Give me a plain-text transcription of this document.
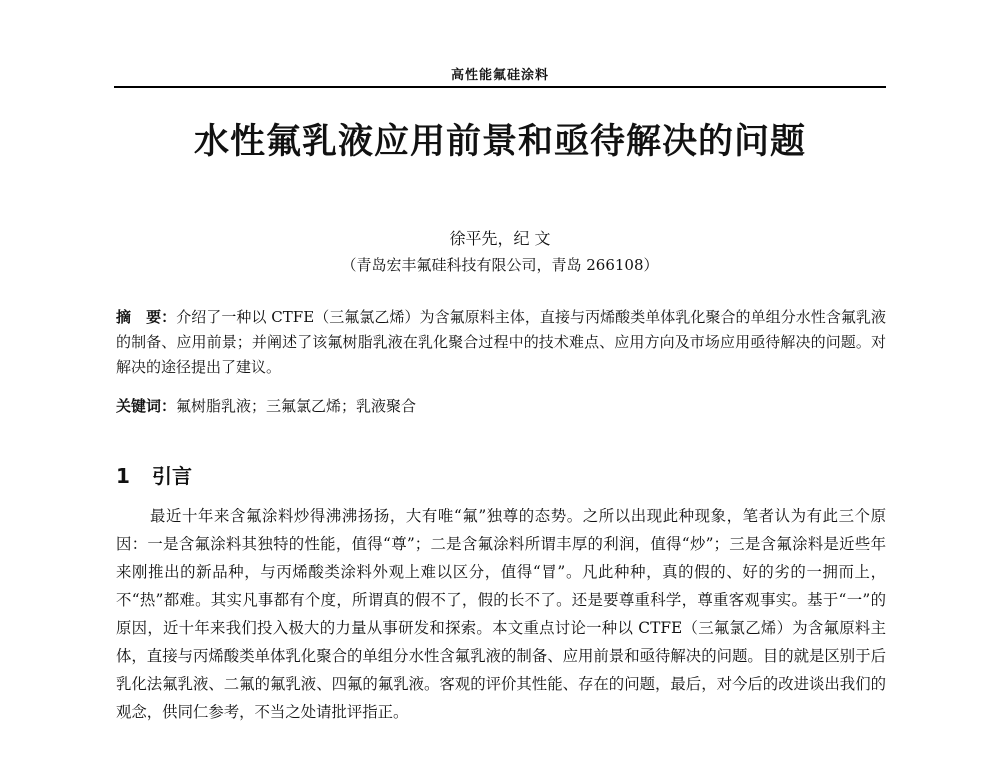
高性能氟硅涂料
水性氟乳液应用前景和亟待解决的问题
徐平先，纪 文
（青岛宏丰氟硅科技有限公司，青岛 266108）
摘　要：介绍了一种以 CTFE（三氟氯乙烯）为含氟原料主体，直接与丙烯酸类单体乳化聚合的单组分水性含氟乳液的制备、应用前景；并阐述了该氟树脂乳液在乳化聚合过程中的技术难点、应用方向及市场应用亟待解决的问题。对解决的途径提出了建议。
关键词：氟树脂乳液；三氟氯乙烯；乳液聚合
1 引言

最近十年来含氟涂料炒得沸沸扬扬，大有唯“氟”独尊的态势。之所以出现此种现象，笔者认为有此三个原因：一是含氟涂料其独特的性能，值得“尊”；二是含氟涂料所谓丰厚的利润，值得“炒”；三是含氟涂料是近些年来刚推出的新品种，与丙烯酸类涂料外观上难以区分，值得“冒”。凡此种种，真的假的、好的劣的一拥而上，不“热”都难。其实凡事都有个度，所谓真的假不了，假的长不了。还是要尊重科学，尊重客观事实。基于“一”的原因，近十年来我们投入极大的力量从事研发和探索。本文重点讨论一种以 CTFE（三氟氯乙烯）为含氟原料主体，直接与丙烯酸类单体乳化聚合的单组分水性含氟乳液的制备、应用前景和亟待解决的问题。目的就是区别于后乳化法氟乳液、二氟的氟乳液、四氟的氟乳液。客观的评价其性能、存在的问题，最后，对今后的改进谈出我们的观念，供同仁参考，不当之处请批评指正。
